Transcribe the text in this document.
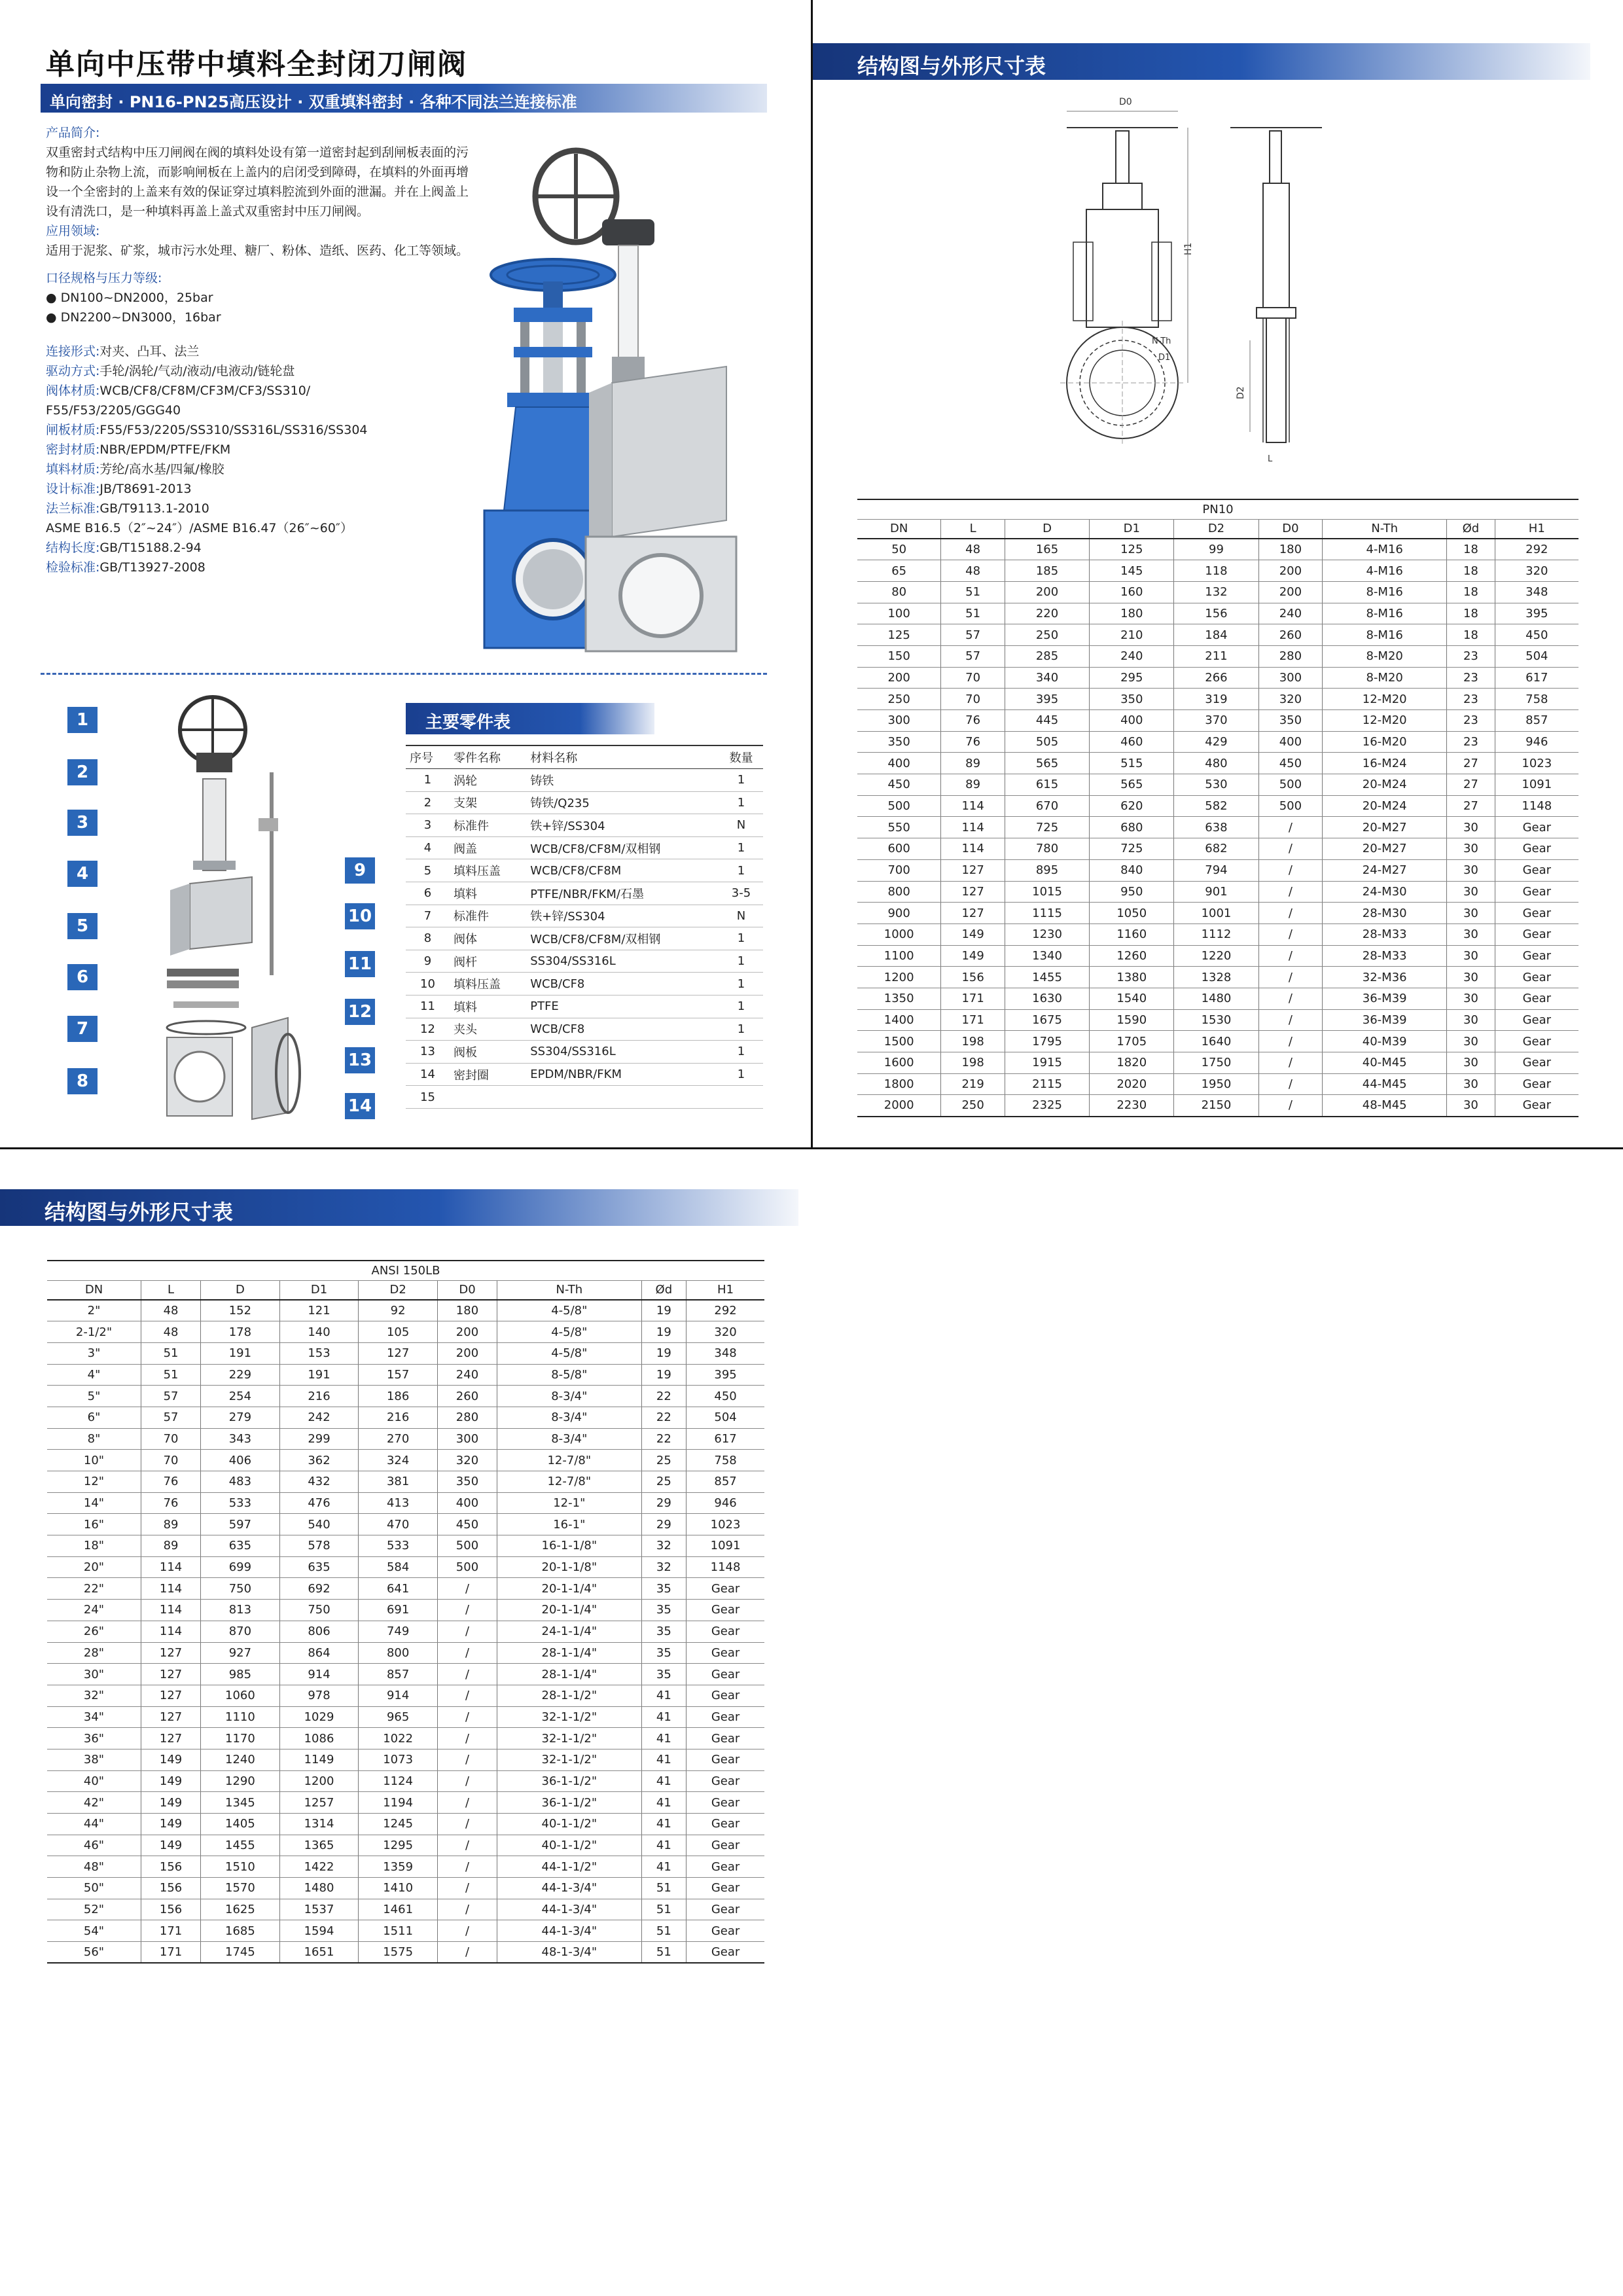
单向中压带中填料全封闭刀闸阀
单向密封 · PN16-PN25高压设计 · 双重填料密封 · 各种不同法兰连接标准

产品简介:

双重密封式结构中压刀闸阀在阀的填料处设有第一道密封起到刮闸板表面的污物和防止杂物上流，而影响闸板在上盖内的启闭受到障碍，在填料的外面再增设一个全密封的上盖来有效的保证穿过填料腔流到外面的泄漏。并在上阀盖上设有清洗口，是一种填料再盖上盖式双重密封中压刀闸阀。

应用领域:

适用于泥浆、矿浆，城市污水处理、糖厂、粉体、造纸、医药、化工等领域。

口径规格与压力等级:

● DN100~DN2000，25bar

● DN2200~DN3000，16bar

连接形式:对夹、凸耳、法兰

驱动方式:手轮/涡轮/气动/液动/电液动/链轮盘

阀体材质:WCB/CF8/CF8M/CF3M/CF3/SS310/

F55/F53/2205/GGG40

闸板材质:F55/F53/2205/SS310/SS316L/SS316/SS304

密封材质:NBR/EPDM/PTFE/FKM

填料材质:芳纶/高水基/四氟/橡胶

设计标准:JB/T8691-2013

法兰标准:GB/T9113.1-2010

ASME B16.5（2″~24″）/ASME B16.47（26″~60″）

结构长度:GB/T15188.2-94

检验标准:GB/T13927-2008

1
2
3
4
5
6
7
8
9
10
11
12
13
14
主要零件表
序号	零件名称	材料名称	数量
1	涡轮	铸铁	1
2	支架	铸铁/Q235	1
3	标准件	铁+锌/SS304	N
4	阀盖	WCB/CF8/CF8M/双相钢	1
5	填料压盖	WCB/CF8/CF8M	1
6	填料	PTFE/NBR/FKM/石墨	3-5
7	标准件	铁+锌/SS304	N
8	阀体	WCB/CF8/CF8M/双相钢	1
9	阀杆	SS304/SS316L	1
10	填料压盖	WCB/CF8	1
11	填料	PTFE	1
12	夹头	WCB/CF8	1
13	阀板	SS304/SS316L	1
14	密封圈	EPDM/NBR/FKM	1
15			
结构图与外形尺寸表
D0
H1
N-Th
D1
D2
L
PN10								
DN	L	D	D1	D2	D0	N-Th	Ød	H1
50	48	165	125	99	180	4-M16	18	292
65	48	185	145	118	200	4-M16	18	320
80	51	200	160	132	200	8-M16	18	348
100	51	220	180	156	240	8-M16	18	395
125	57	250	210	184	260	8-M16	18	450
150	57	285	240	211	280	8-M20	23	504
200	70	340	295	266	300	8-M20	23	617
250	70	395	350	319	320	12-M20	23	758
300	76	445	400	370	350	12-M20	23	857
350	76	505	460	429	400	16-M20	23	946
400	89	565	515	480	450	16-M24	27	1023
450	89	615	565	530	500	20-M24	27	1091
500	114	670	620	582	500	20-M24	27	1148
550	114	725	680	638	/	20-M27	30	Gear
600	114	780	725	682	/	20-M27	30	Gear
700	127	895	840	794	/	24-M27	30	Gear
800	127	1015	950	901	/	24-M30	30	Gear
900	127	1115	1050	1001	/	28-M30	30	Gear
1000	149	1230	1160	1112	/	28-M33	30	Gear
1100	149	1340	1260	1220	/	28-M33	30	Gear
1200	156	1455	1380	1328	/	32-M36	30	Gear
1350	171	1630	1540	1480	/	36-M39	30	Gear
1400	171	1675	1590	1530	/	36-M39	30	Gear
1500	198	1795	1705	1640	/	40-M39	30	Gear
1600	198	1915	1820	1750	/	40-M45	30	Gear
1800	219	2115	2020	1950	/	44-M45	30	Gear
2000	250	2325	2230	2150	/	48-M45	30	Gear
结构图与外形尺寸表
ANSI 150LB								
DN	L	D	D1	D2	D0	N-Th	Ød	H1
2"	48	152	121	92	180	4-5/8"	19	292
2-1/2"	48	178	140	105	200	4-5/8"	19	320
3"	51	191	153	127	200	4-5/8"	19	348
4"	51	229	191	157	240	8-5/8"	19	395
5"	57	254	216	186	260	8-3/4"	22	450
6"	57	279	242	216	280	8-3/4"	22	504
8"	70	343	299	270	300	8-3/4"	22	617
10"	70	406	362	324	320	12-7/8"	25	758
12"	76	483	432	381	350	12-7/8"	25	857
14"	76	533	476	413	400	12-1"	29	946
16"	89	597	540	470	450	16-1"	29	1023
18"	89	635	578	533	500	16-1-1/8"	32	1091
20"	114	699	635	584	500	20-1-1/8"	32	1148
22"	114	750	692	641	/	20-1-1/4"	35	Gear
24"	114	813	750	691	/	20-1-1/4"	35	Gear
26"	114	870	806	749	/	24-1-1/4"	35	Gear
28"	127	927	864	800	/	28-1-1/4"	35	Gear
30"	127	985	914	857	/	28-1-1/4"	35	Gear
32"	127	1060	978	914	/	28-1-1/2"	41	Gear
34"	127	1110	1029	965	/	32-1-1/2"	41	Gear
36"	127	1170	1086	1022	/	32-1-1/2"	41	Gear
38"	149	1240	1149	1073	/	32-1-1/2"	41	Gear
40"	149	1290	1200	1124	/	36-1-1/2"	41	Gear
42"	149	1345	1257	1194	/	36-1-1/2"	41	Gear
44"	149	1405	1314	1245	/	40-1-1/2"	41	Gear
46"	149	1455	1365	1295	/	40-1-1/2"	41	Gear
48"	156	1510	1422	1359	/	44-1-1/2"	41	Gear
50"	156	1570	1480	1410	/	44-1-3/4"	51	Gear
52"	156	1625	1537	1461	/	44-1-3/4"	51	Gear
54"	171	1685	1594	1511	/	44-1-3/4"	51	Gear
56"	171	1745	1651	1575	/	48-1-3/4"	51	Gear
